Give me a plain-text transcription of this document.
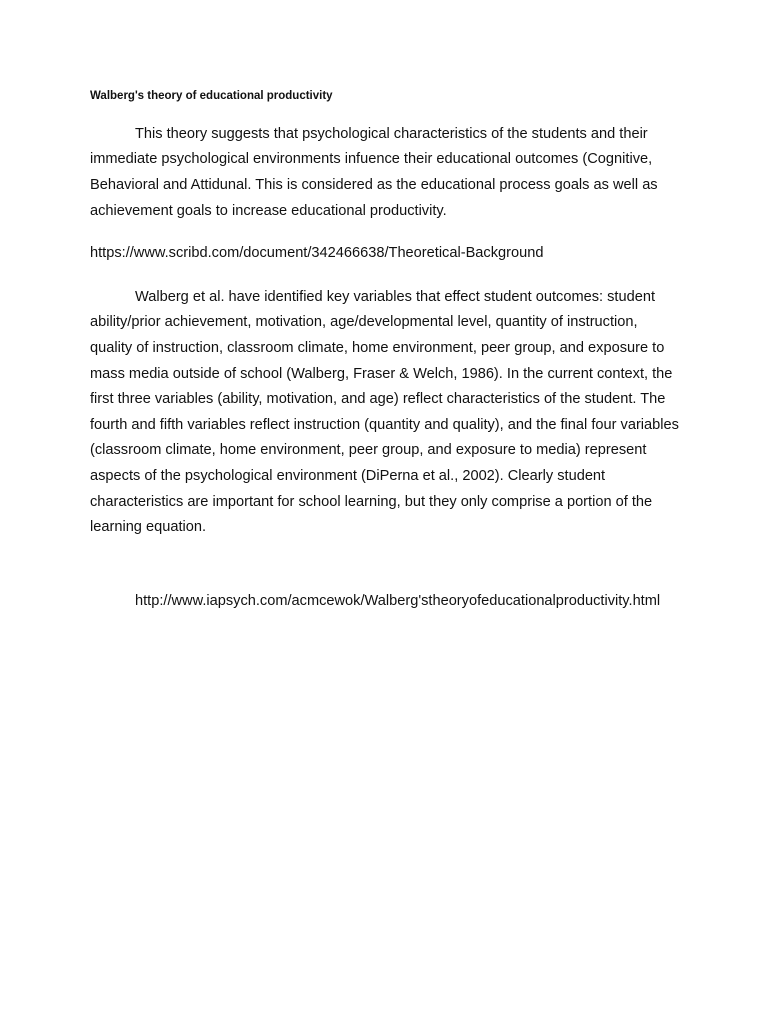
Walberg's theory of educational productivity

This theory suggests that psychological characteristics of the students and their immediate psychological environments infuence their educational outcomes (Cognitive, Behavioral and Attidunal. This is considered as the educational process goals as well as achievement goals to increase educational productivity.

https://www.scribd.com/document/342466638/Theoretical-Background

Walberg et al. have identified key variables that effect student outcomes: student ability/prior achievement, motivation, age/developmental level, quantity of instruction, quality of instruction, classroom climate, home environment, peer group, and exposure to mass media outside of school (Walberg, Fraser & Welch, 1986). In the current context, the first three variables (ability, motivation, and age) reflect characteristics of the student. The fourth and fifth variables reflect instruction (quantity and quality), and the final four variables (classroom climate, home environment, peer group, and exposure to media) represent aspects of the psychological environment (DiPerna et al., 2002). Clearly student characteristics are important for school learning, but they only comprise a portion of the learning equation.

http://www.iapsych.com/acmcewok/Walberg'stheoryofeducationalproductivity.html
